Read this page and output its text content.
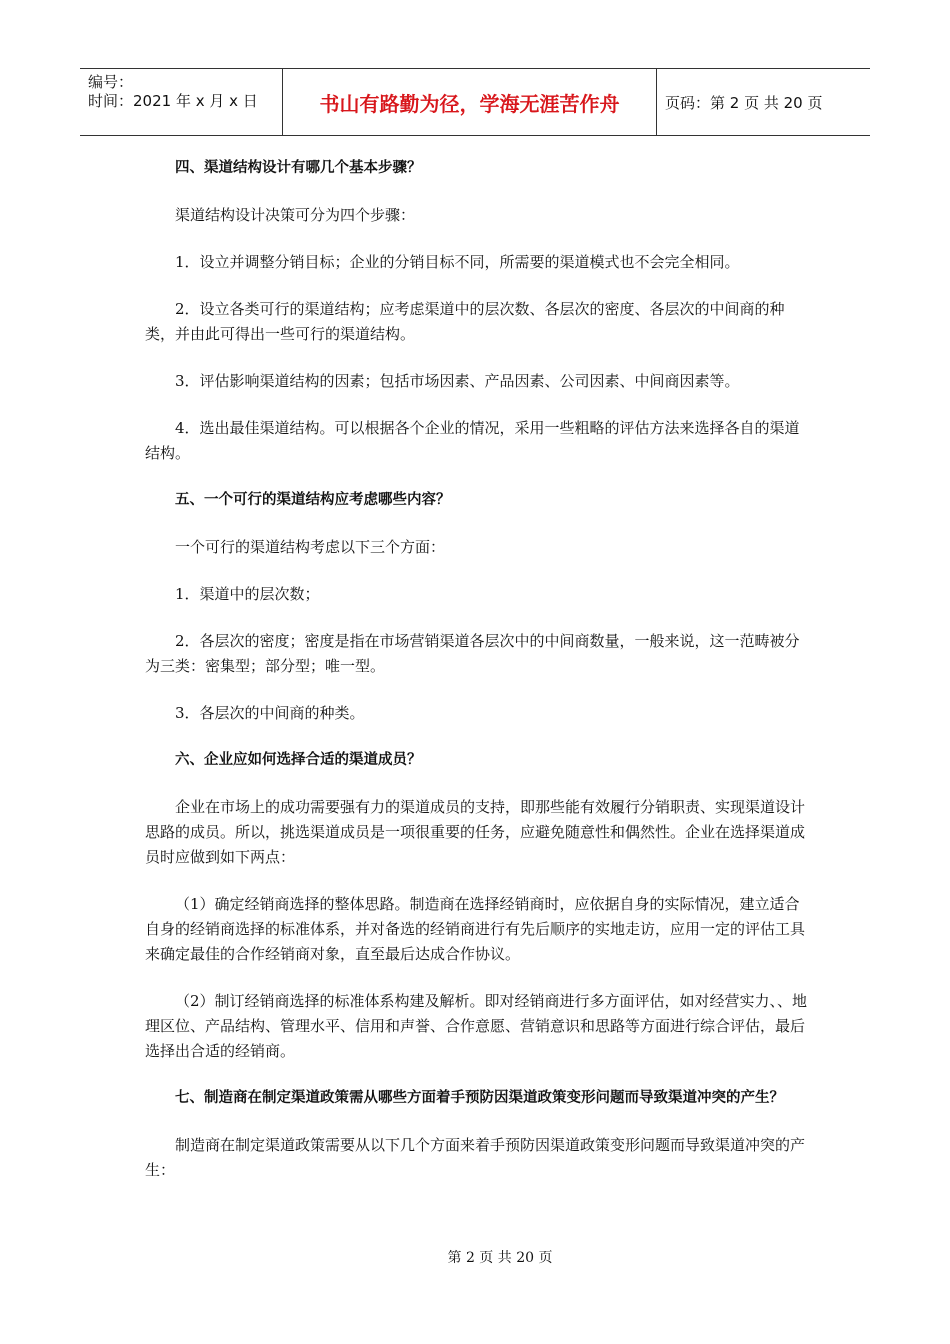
编号：
时间：2021 年 x 月 x 日	书山有路勤为径，学海无涯苦作舟	页码：第 2 页 共 20 页

四、渠道结构设计有哪几个基本步骤？

渠道结构设计决策可分为四个步骤：

1．设立并调整分销目标；企业的分销目标不同，所需要的渠道模式也不会完全相同。

2．设立各类可行的渠道结构；应考虑渠道中的层次数、各层次的密度、各层次的中间商的种类，并由此可得出一些可行的渠道结构。

3．评估影响渠道结构的因素；包括市场因素、产品因素、公司因素、中间商因素等。

4．选出最佳渠道结构。可以根据各个企业的情况，采用一些粗略的评估方法来选择各自的渠道结构。

五、一个可行的渠道结构应考虑哪些内容？

一个可行的渠道结构考虑以下三个方面：

1．渠道中的层次数；

2．各层次的密度；密度是指在市场营销渠道各层次中的中间商数量，一般来说，这一范畴被分为三类：密集型；部分型；唯一型。

3．各层次的中间商的种类。

六、企业应如何选择合适的渠道成员？

企业在市场上的成功需要强有力的渠道成员的支持，即那些能有效履行分销职责、实现渠道设计思路的成员。所以，挑选渠道成员是一项很重要的任务，应避免随意性和偶然性。企业在选择渠道成员时应做到如下两点：

（1）确定经销商选择的整体思路。制造商在选择经销商时，应依据自身的实际情况，建立适合自身的经销商选择的标准体系，并对备选的经销商进行有先后顺序的实地走访，应用一定的评估工具来确定最佳的合作经销商对象，直至最后达成合作协议。

（2）制订经销商选择的标准体系构建及解析。即对经销商进行多方面评估，如对经营实力、、地理区位、产品结构、管理水平、信用和声誉、合作意愿、营销意识和思路等方面进行综合评估，最后选择出合适的经销商。

七、制造商在制定渠道政策需从哪些方面着手预防因渠道政策变形问题而导致渠道冲突的产生？

制造商在制定渠道政策需要从以下几个方面来着手预防因渠道政策变形问题而导致渠道冲突的产生：

第 2 页 共 20 页
